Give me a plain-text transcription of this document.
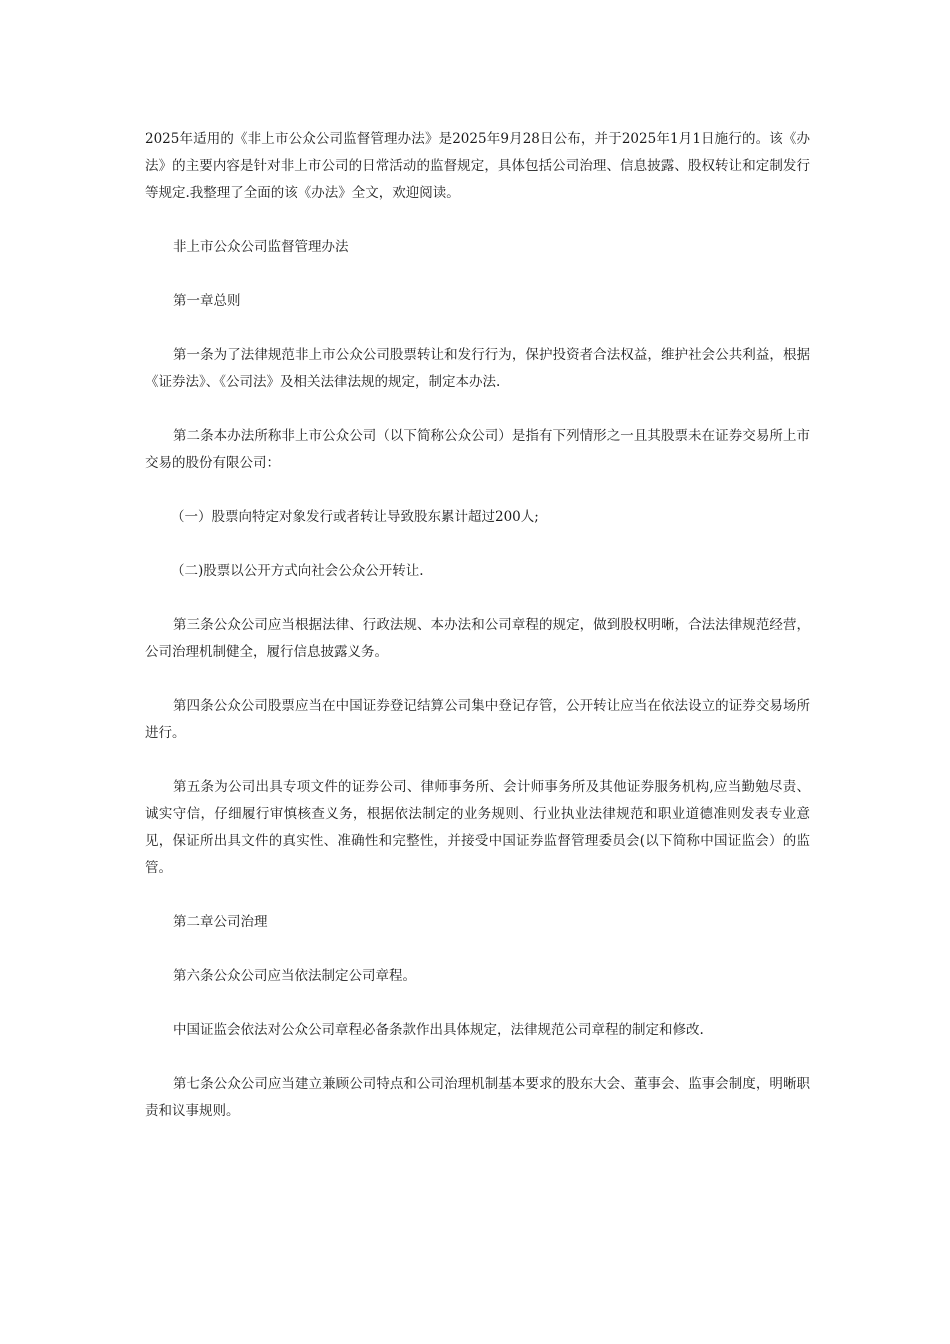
2025年适用的《非上市公众公司监督管理办法》是2025年9月28日公布，并于2025年1月1日施行的。该《办法》的主要内容是针对非上市公司的日常活动的监督规定，具体包括公司治理、信息披露、股权转让和定制发行等规定.我整理了全面的该《办法》全文，欢迎阅读。

非上市公众公司监督管理办法

第一章总则

第一条为了法律规范非上市公众公司股票转让和发行行为，保护投资者合法权益，维护社会公共利益，根据《证券法》、《公司法》及相关法律法规的规定，制定本办法.

第二条本办法所称非上市公众公司（以下简称公众公司）是指有下列情形之一且其股票未在证券交易所上市交易的股份有限公司：

（一）股票向特定对象发行或者转让导致股东累计超过200人;

（二)股票以公开方式向社会公众公开转让.

第三条公众公司应当根据法律、行政法规、本办法和公司章程的规定，做到股权明晰，合法法律规范经营，公司治理机制健全，履行信息披露义务。

第四条公众公司股票应当在中国证券登记结算公司集中登记存管，公开转让应当在依法设立的证券交易场所进行。

第五条为公司出具专项文件的证券公司、律师事务所、会计师事务所及其他证券服务机构,应当勤勉尽责、诚实守信，仔细履行审慎核查义务，根据依法制定的业务规则、行业执业法律规范和职业道德准则发表专业意见，保证所出具文件的真实性、准确性和完整性，并接受中国证券监督管理委员会(以下简称中国证监会）的监管。

第二章公司治理

第六条公众公司应当依法制定公司章程。

中国证监会依法对公众公司章程必备条款作出具体规定，法律规范公司章程的制定和修改.

第七条公众公司应当建立兼顾公司特点和公司治理机制基本要求的股东大会、董事会、监事会制度，明晰职责和议事规则。
